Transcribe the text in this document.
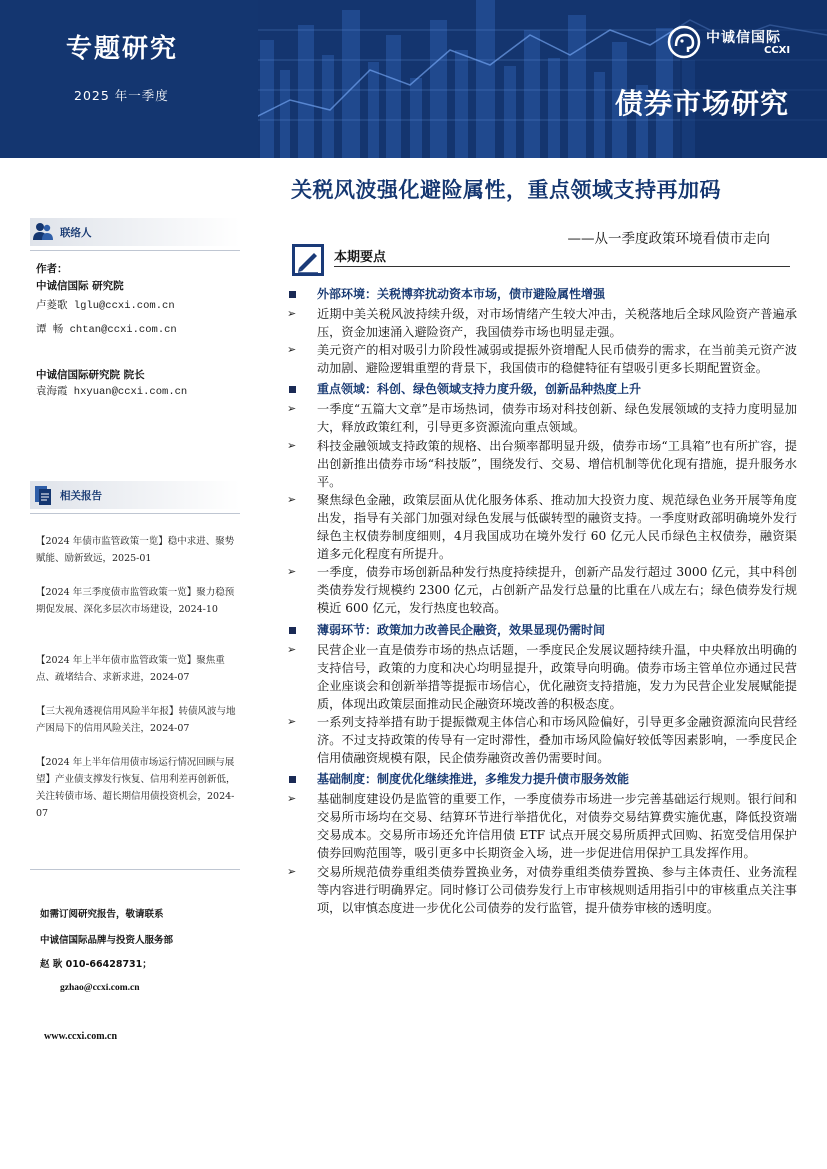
专题研究
2025 年一季度
中诚信国际
CCXI
债券市场研究
联络人
作者：
中诚信国际 研究院
卢菱歌 lglu@ccxi.com.cn
谭 畅 chtan@ccxi.com.cn
中诚信国际研究院 院长
袁海霞 hxyuan@ccxi.com.cn
相关报告
【2024 年债市监管政策一览】稳中求进、聚势赋能、励新致远，2025-01
【2024 年三季度债市监管政策一览】聚力稳预期促发展、深化多层次市场建设，2024-10
【2024 年上半年债市监管政策一览】聚焦重点、疏堵结合、求新求进，2024-07
【三大视角透视信用风险半年报】转债风波与地产困局下的信用风险关注，2024-07
【2024 年上半年信用债市场运行情况回顾与展望】产业债支撑发行恢复、信用利差再创新低，关注转债市场、超长期信用债投资机会，2024-07
如需订阅研究报告，敬请联系
中诚信国际品牌与投资人服务部
赵 耿 010-66428731；
gzhao@ccxi.com.cn
www.ccxi.com.cn
关税风波强化避险属性，重点领域支持再加码
——从一季度政策环境看债市走向
本期要点
外部环境：关税博弈扰动资本市场，债市避险属性增强
➢ 近期中美关税风波持续升级，对市场情绪产生较大冲击，关税落地后全球风险资产普遍承压，资金加速涌入避险资产，我国债券市场也明显走强。
➢ 美元资产的相对吸引力阶段性减弱或提振外资增配人民币债券的需求，在当前美元资产波动加剧、避险逻辑重塑的背景下，我国债市的稳健特征有望吸引更多长期配置资金。
重点领域：科创、绿色领域支持力度升级，创新品种热度上升
➢ 一季度“五篇大文章”是市场热词，债券市场对科技创新、绿色发展领域的支持力度明显加大，释放政策红利，引导更多资源流向重点领域。
➢ 科技金融领域支持政策的规格、出台频率都明显升级，债券市场“工具箱”也有所扩容，提出创新推出债券市场“科技版”，围绕发行、交易、增信机制等优化现有措施，提升服务水平。
➢ 聚焦绿色金融，政策层面从优化服务体系、推动加大投资力度、规范绿色业务开展等角度出发，指导有关部门加强对绿色发展与低碳转型的融资支持。一季度财政部明确境外发行绿色主权债券制度细则，4月我国成功在境外发行 60 亿元人民币绿色主权债券，融资渠道多元化程度有所提升。
➢ 一季度，债券市场创新品种发行热度持续提升，创新产品发行超过 3000 亿元，其中科创类债券发行规模约 2300 亿元，占创新产品发行总量的比重在八成左右；绿色债券发行规模近 600 亿元，发行热度也较高。
薄弱环节：政策加力改善民企融资，效果显现仍需时间
➢ 民营企业一直是债券市场的热点话题，一季度民企发展议题持续升温，中央释放出明确的支持信号，政策的力度和决心均明显提升，政策导向明确。债券市场主管单位亦通过民营企业座谈会和创新举措等提振市场信心，优化融资支持措施，发力为民营企业发展赋能提质，体现出政策层面推动民企融资环境改善的积极态度。
➢ 一系列支持举措有助于提振微观主体信心和市场风险偏好，引导更多金融资源流向民营经济。不过支持政策的传导有一定时滞性，叠加市场风险偏好较低等因素影响，一季度民企信用债融资规模有限，民企债券融资改善仍需要时间。
基础制度：制度优化继续推进，多维发力提升债市服务效能
➢ 基础制度建设仍是监管的重要工作，一季度债券市场进一步完善基础运行规则。银行间和交易所市场均在交易、结算环节进行举措优化，对债券交易结算费实施优惠，降低投资端交易成本。交易所市场还允许信用债 ETF 试点开展交易所质押式回购、拓宽受信用保护债券回购范围等，吸引更多中长期资金入场，进一步促进信用保护工具发挥作用。
➢ 交易所规范债券重组类债券置换业务，对债券重组类债券置换、参与主体责任、业务流程等内容进行明确界定。同时修订公司债券发行上市审核规则适用指引中的审核重点关注事项，以审慎态度进一步优化公司债券的发行监管，提升债券审核的透明度。
